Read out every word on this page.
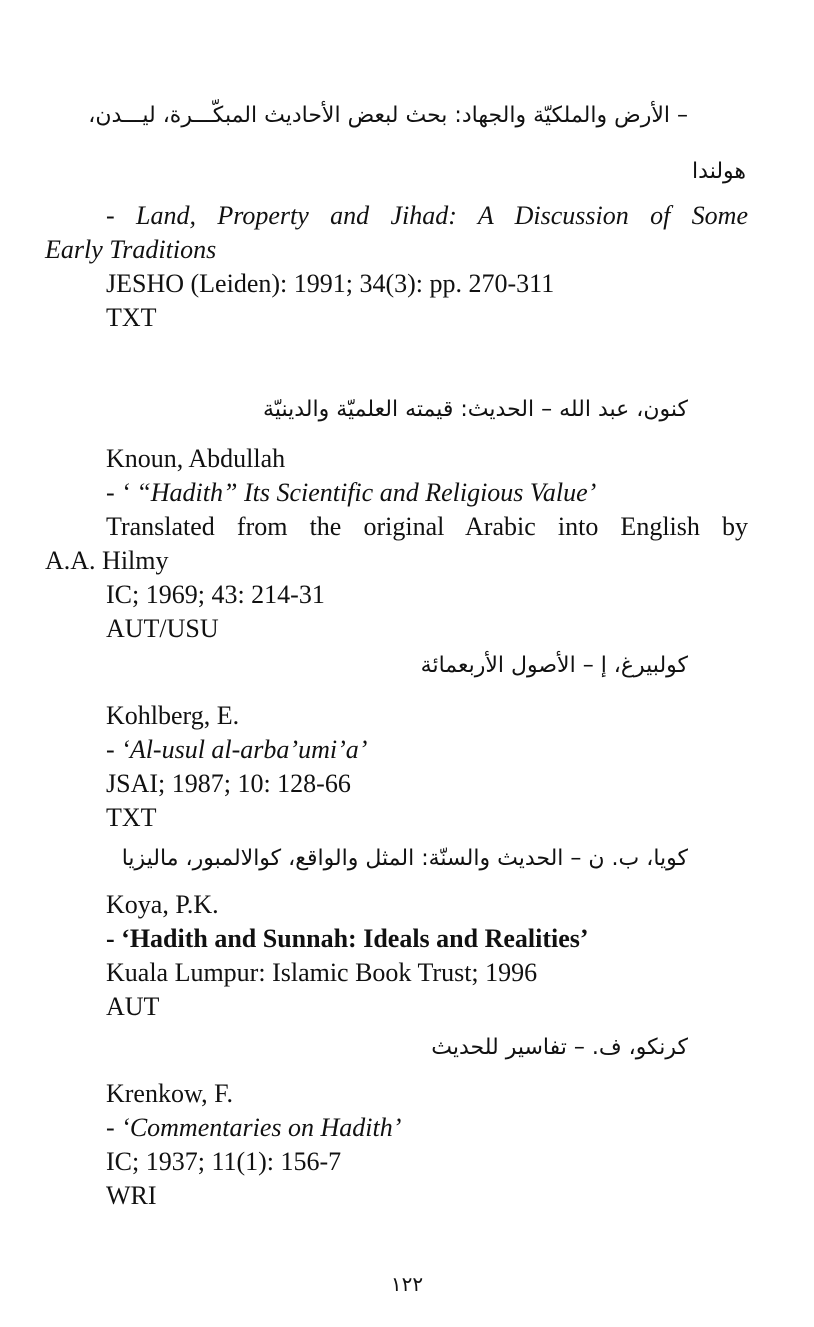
– الأرض والملكيّة والجهاد: بحث لبعض الأحاديث المبكّـــرة، ليـــدن،

هولندا

- Land, Property and Jihad: A Discussion of Some

Early Traditions

JESHO (Leiden): 1991; 34(3): pp. 270-311

TXT

كنون، عبد الله – الحديث: قيمته العلميّة والدينيّة

Knoun, Abdullah

- ‘ “Hadith” Its Scientific and Religious Value’

Translated from the original Arabic into English by

A.A. Hilmy

IC; 1969; 43: 214-31

AUT/USU

كولبيرغ، إ – الأصول الأربعمائة

Kohlberg, E.

- ‘Al-usul al-arba’umi’a’

JSAI; 1987; 10: 128-66

TXT

كويا، ب. ن – الحديث والسنّة: المثل والواقع، كوالالمبور، ماليزيا

Koya, P.K.

- ‘Hadith and Sunnah: Ideals and Realities’

Kuala Lumpur: Islamic Book Trust; 1996

AUT

كرنكو، ف. – تفاسير للحديث

Krenkow, F.

- ‘Commentaries on Hadith’

IC; 1937; 11(1): 156-7

WRI

١٢٢
